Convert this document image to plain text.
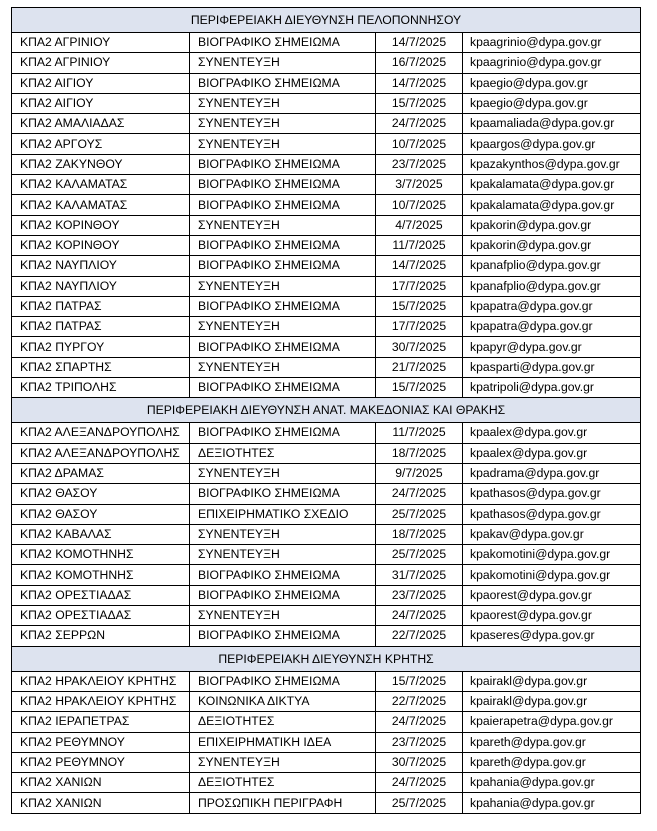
ΠΕΡΙΦΕΡΕΙΑΚΗ ΔΙΕΥΘΥΝΣΗ ΠΕΛΟΠΟΝΝΗΣΟΥ			
ΚΠΑ2 ΑΓΡΙΝΙΟΥ	ΒΙΟΓΡΑΦΙΚΟ ΣΗΜΕΙΩΜΑ	14/7/2025	kpaagrinio@dypa.gov.gr
ΚΠΑ2 ΑΓΡΙΝΙΟΥ	ΣΥΝΕΝΤΕΥΞΗ	16/7/2025	kpaagrinio@dypa.gov.gr
ΚΠΑ2 ΑΙΓΙΟΥ	ΒΙΟΓΡΑΦΙΚΟ ΣΗΜΕΙΩΜΑ	14/7/2025	kpaegio@dypa.gov.gr
ΚΠΑ2 ΑΙΓΙΟΥ	ΣΥΝΕΝΤΕΥΞΗ	15/7/2025	kpaegio@dypa.gov.gr
ΚΠΑ2 ΑΜΑΛΙΑΔΑΣ	ΣΥΝΕΝΤΕΥΞΗ	24/7/2025	kpaamaliada@dypa.gov.gr
ΚΠΑ2 ΑΡΓΟΥΣ	ΣΥΝΕΝΤΕΥΞΗ	10/7/2025	kpaargos@dypa.gov.gr
ΚΠΑ2 ΖΑΚΥΝΘΟΥ	ΒΙΟΓΡΑΦΙΚΟ ΣΗΜΕΙΩΜΑ	23/7/2025	kpazakynthos@dypa.gov.gr
ΚΠΑ2 ΚΑΛΑΜΑΤΑΣ	ΒΙΟΓΡΑΦΙΚΟ ΣΗΜΕΙΩΜΑ	3/7/2025	kpakalamata@dypa.gov.gr
ΚΠΑ2 ΚΑΛΑΜΑΤΑΣ	ΒΙΟΓΡΑΦΙΚΟ ΣΗΜΕΙΩΜΑ	10/7/2025	kpakalamata@dypa.gov.gr
ΚΠΑ2 ΚΟΡΙΝΘΟΥ	ΣΥΝΕΝΤΕΥΞΗ	4/7/2025	kpakorin@dypa.gov.gr
ΚΠΑ2 ΚΟΡΙΝΘΟΥ	ΒΙΟΓΡΑΦΙΚΟ ΣΗΜΕΙΩΜΑ	11/7/2025	kpakorin@dypa.gov.gr
ΚΠΑ2 ΝΑΥΠΛΙΟΥ	ΒΙΟΓΡΑΦΙΚΟ ΣΗΜΕΙΩΜΑ	14/7/2025	kpanafplio@dypa.gov.gr
ΚΠΑ2 ΝΑΥΠΛΙΟΥ	ΣΥΝΕΝΤΕΥΞΗ	17/7/2025	kpanafplio@dypa.gov.gr
ΚΠΑ2 ΠΑΤΡΑΣ	ΒΙΟΓΡΑΦΙΚΟ ΣΗΜΕΙΩΜΑ	15/7/2025	kpapatra@dypa.gov.gr
ΚΠΑ2 ΠΑΤΡΑΣ	ΣΥΝΕΝΤΕΥΞΗ	17/7/2025	kpapatra@dypa.gov.gr
ΚΠΑ2 ΠΥΡΓΟΥ	ΒΙΟΓΡΑΦΙΚΟ ΣΗΜΕΙΩΜΑ	30/7/2025	kpapyr@dypa.gov.gr
ΚΠΑ2 ΣΠΑΡΤΗΣ	ΣΥΝΕΝΤΕΥΞΗ	21/7/2025	kpasparti@dypa.gov.gr
ΚΠΑ2 ΤΡΙΠΟΛΗΣ	ΒΙΟΓΡΑΦΙΚΟ ΣΗΜΕΙΩΜΑ	15/7/2025	kpatripoli@dypa.gov.gr
ΠΕΡΙΦΕΡΕΙΑΚΗ ΔΙΕΥΘΥΝΣΗ ΑΝΑΤ. ΜΑΚΕΔΟΝΙΑΣ ΚΑΙ ΘΡΑΚΗΣ			
ΚΠΑ2 ΑΛΕΞΑΝΔΡΟΥΠΟΛΗΣ	ΒΙΟΓΡΑΦΙΚΟ ΣΗΜΕΙΩΜΑ	11/7/2025	kpaalex@dypa.gov.gr
ΚΠΑ2 ΑΛΕΞΑΝΔΡΟΥΠΟΛΗΣ	ΔΕΞΙΟΤΗΤΕΣ	18/7/2025	kpaalex@dypa.gov.gr
ΚΠΑ2 ΔΡΑΜΑΣ	ΣΥΝΕΝΤΕΥΞΗ	9/7/2025	kpadrama@dypa.gov.gr
ΚΠΑ2 ΘΑΣΟΥ	ΒΙΟΓΡΑΦΙΚΟ ΣΗΜΕΙΩΜΑ	24/7/2025	kpathasos@dypa.gov.gr
ΚΠΑ2 ΘΑΣΟΥ	ΕΠΙΧΕΙΡΗΜΑΤΙΚΟ ΣΧΕΔΙΟ	25/7/2025	kpathasos@dypa.gov.gr
ΚΠΑ2 ΚΑΒΑΛΑΣ	ΣΥΝΕΝΤΕΥΞΗ	18/7/2025	kpakav@dypa.gov.gr
ΚΠΑ2 ΚΟΜΟΤΗΝΗΣ	ΣΥΝΕΝΤΕΥΞΗ	25/7/2025	kpakomotini@dypa.gov.gr
ΚΠΑ2 ΚΟΜΟΤΗΝΗΣ	ΒΙΟΓΡΑΦΙΚΟ ΣΗΜΕΙΩΜΑ	31/7/2025	kpakomotini@dypa.gov.gr
ΚΠΑ2 ΟΡΕΣΤΙΑΔΑΣ	ΒΙΟΓΡΑΦΙΚΟ ΣΗΜΕΙΩΜΑ	23/7/2025	kpaorest@dypa.gov.gr
ΚΠΑ2 ΟΡΕΣΤΙΑΔΑΣ	ΣΥΝΕΝΤΕΥΞΗ	24/7/2025	kpaorest@dypa.gov.gr
ΚΠΑ2 ΣΕΡΡΩΝ	ΒΙΟΓΡΑΦΙΚΟ ΣΗΜΕΙΩΜΑ	22/7/2025	kpaseres@dypa.gov.gr
ΠΕΡΙΦΕΡΕΙΑΚΗ ΔΙΕΥΘΥΝΣΗ ΚΡΗΤΗΣ			
ΚΠΑ2 ΗΡΑΚΛΕΙΟΥ ΚΡΗΤΗΣ	ΒΙΟΓΡΑΦΙΚΟ ΣΗΜΕΙΩΜΑ	15/7/2025	kpairakl@dypa.gov.gr
ΚΠΑ2 ΗΡΑΚΛΕΙΟΥ ΚΡΗΤΗΣ	ΚΟΙΝΩΝΙΚΑ ΔΙΚΤΥΑ	22/7/2025	kpairakl@dypa.gov.gr
ΚΠΑ2 ΙΕΡΑΠΕΤΡΑΣ	ΔΕΞΙΟΤΗΤΕΣ	24/7/2025	kpaierapetra@dypa.gov.gr
ΚΠΑ2 ΡΕΘΥΜΝΟΥ	ΕΠΙΧΕΙΡΗΜΑΤΙΚΗ ΙΔΕΑ	23/7/2025	kpareth@dypa.gov.gr
ΚΠΑ2 ΡΕΘΥΜΝΟΥ	ΣΥΝΕΝΤΕΥΞΗ	30/7/2025	kpareth@dypa.gov.gr
ΚΠΑ2 ΧΑΝΙΩΝ	ΔΕΞΙΟΤΗΤΕΣ	24/7/2025	kpahania@dypa.gov.gr
ΚΠΑ2 ΧΑΝΙΩΝ	ΠΡΟΣΩΠΙΚΗ ΠΕΡΙΓΡΑΦΗ	25/7/2025	kpahania@dypa.gov.gr
